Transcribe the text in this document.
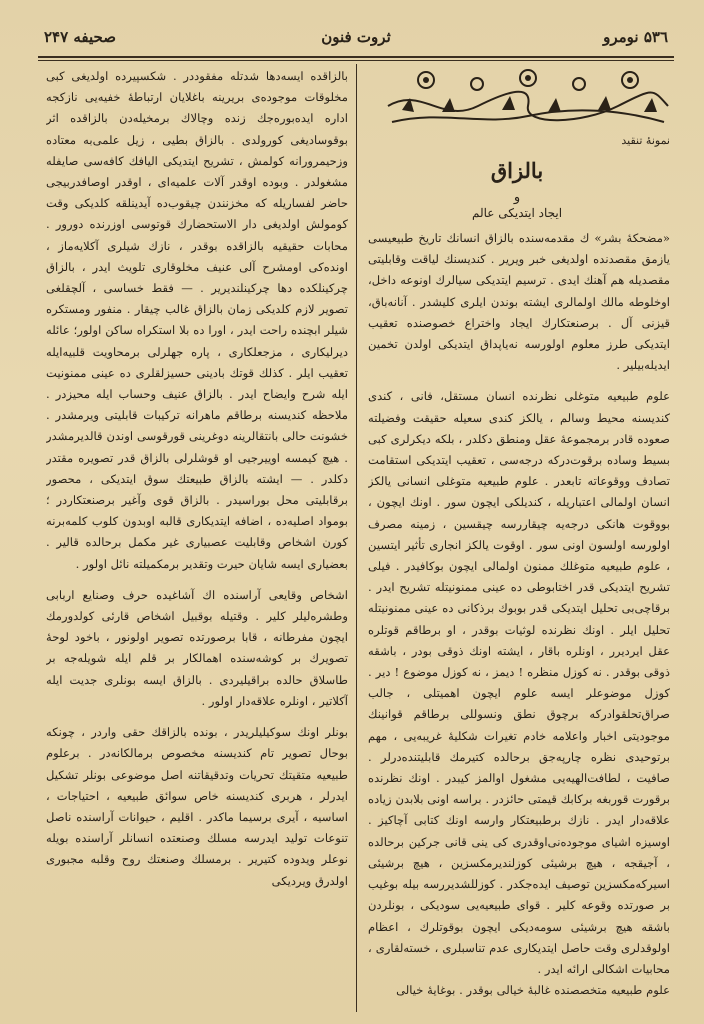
۵۳٦ نومرو
ثروت فنون
صحیفه ۲۴۷
نمونهٔ تنقید
بالزاق
و
ایجاد ایتدیکی عالم

«مضحکهٔ بشر» ك مقدمه‌سنده بالزاق انسانك تاریخ طبیعیسی یازمق مقصدنده اولدیغی خبر ویریر . کندیسنك لیاقت وقابلیتی مقصدیله هم آهنك ایدی . ترسیم ایتدیکی سیالرك اونوعه داخل، اوخلوطه مالك اولمالری ایشته بوندن ایلری کلیشدر . آنانه‌باق، قیزنی آل . برصنعتکارك ایجاد واختراع خصوصنده تعقیب ایتدیکی طرز معلوم اولورسه نه‌یاپداق ایتدیکی اولدن تخمین ایدیله‌بیلیر .

علوم طبیعیه متوغلی نظرنده انسان مستقل، فانی ، کندی کندیسنه محیط وسالم ، یالکز کندی سعیله حقیقت وفضیلته صعوده قادر برمجموعهٔ عقل ومنطق دکلدر ، بلکه دیکرلری کبی بسیط وساده برقوت‌درکه درجه‌سی ، تعقیب ایتدیکی استقامت تصادف ووقوعاته تابعدر . علوم طبیعیه متوغلی انسانی یالکز انسان اولمالی اعتباریله ، کندیلکی ایچون سور . اونك ایچون ، بووقوت هانکی درجه‌یه چیقاررسه چیقسین ، زمینه مصرف اولورسه اولسون اونی سور . اوقوت یالکز انجاری تأثیر ایتسین ، علوم طبیعیه متوغلك ممنون اولمالی ایچون بوکافیدر . فیلی تشریح ایتدیکی قدر اختابوطی ده عینی ممنونیتله تشریح ایدر . برقاچی‌بی تحلیل ایتدیکی قدر بوبوك برذکانی ده عینی ممنونیتله تحلیل ایلر . اونك نظرنده لوثیات بوقدر ، او برطاقم قوتلره عقل ایردیرر ، اونلره باقار ، ایشته اونك ذوقی بودر ، باشقه ذوقی بوقدر . نه کوزل منظره ! دیمز ، نه کوزل موضوع ! دیر . کوزل موضوعلر ایسه علوم ایچون اهمیتلی ، جالب صراق‌تحلقوادرکه برچوق نطق ونسوللی برطاقم قوانینك موجودیتی اخبار واعلامه خادم تغیرات شکلیهٔ غریبه‌یی ، مهم برتوحیدی نظره چارپه‌جق برحالده کتیرمك قابلیتنده‌درلر . صافیت ، لطافت‌الهیه‌یی مشغول اوالمز کیبدر . اونك نظرنده برقورت قوربغه برکابك قیمتی حائزدر . براسه اونی بلابدن زیاده علاقه‌دار ایدر . نازك برطبیعتکار وارسه اونك کتابی آچاکیز . اوسیزه اشیای موجوده‌نی‌اوقدری کی ینی قانی جرکین برحالده ، آجیقجه ، هیچ برشیئی کوزلندیرمکسزین ، هیچ برشیئی اسیرکه‌مکسزین توصیف ایده‌جکدر . کوزللشدیررسه بیله بوغیب بر صورتده وقوعه کلیر . قوای طبیعیه‌یی سودیکی ، بونلردن باشقه هیچ برشیئی سومه‌دیکی ایچون بوقوتلرك ، اعظام اولوقدلری وقت حاصل ایتدیکاری عدم تناسبلری ، خسته‌لقاری ، محابیات اشکالی ارائه ایدر .

علوم طبیعیه متخصصنده غالبهٔ خیالی بوقدر . بوغایهٔ خیالی

بالزاقده ایسه‌دها شدتله مفقوددر . شکسپیرده اولدیغی کبی مخلوقات موجوده‌ی بریرینه باغلایان ارتباطهٔ خفیه‌یی نازکجه اداره ایده‌بوره‌جك زنده وچالاك برمخیله‌دن بالزاقده اثر بوقوسادیغی کورولدی . بالزاق بطیی ، زیل علمی‌به معتاده وزحیمرورانه کولمش ، تشریح ایتدیکی الیافك کافه‌سی صایفله مشغولدر . وبوده اوقدر آلات علمیه‌ای ، اوقدر اوصافدربیجی حاضر لفساریله که مخزنندن چیقوب‌ده آیدینلقه کلدیکی وقت کومولش اولدیغی دار الاستحضارك قوتوسی اوزرنده دورور . محابات حقیقیه بالزاقده بوقدر ، نازك شیلری آکلایه‌ماز ، اونده‌کی اومشرح آلی عنیف مخلوقاری تلویث ایدر ، بالزاق چرکینلکده دها چرکینلندیریر . — فقط خساسی ، آلچقلغی تصویر لازم کلدیکی زمان بالزاق غالب چیقار . منفور ومستکره شیلر ابچنده راحت ایدر ، اورا ده بلا استکراه ساکن اولور؛ عائله دیرلیکاری ، مزجعلکاری ، پاره جهلرلی برمحاویت قلبیه‌ایله تعقیب ایلر . کذلك قوتك بادینی حسیزلقلری ده عینی ممنونیت ایله شرح وایضاح ایدر . بالزاق عنیف وحساب ایله محیزدر . ملاحظه کندیسنه برطاقم ماهرانه ترکیبات قابلیتی ویرمشدر . خشونت حالی بانتقالرینه دوغرینی قورقوسی اوندن قالدیرمشدر . هیچ کیمسه اوییرجیی او قوشلرلی بالزاق قدر تصویره مقتدر دکلدر . — ایشته بالزاق طبیعتك سوق ایتدیکی ، محصور برقابلیتی محل بوراسیدر . بالزاق قوی وآغیر برصنعتکاردر ؛ بومواد اصلیه‌ده ، اضافه ایتدیکاری قالبه اوبدون کلوب کلمه‌برنه کورن اشخاص وقابلیت عصبیاری غیر مکمل برحالده قالیر . بعضیاری ایسه شایان حیرت وتقدیر برمکمیلته نائل اولور .

اشخاص وقایعی آراسنده اك آشاغیده حرف وصنایع اربابی وطشره‌لیلر کلیر . وقتیله بوقبیل اشخاص قارئی کولدورمك ایچون مفرطانه ، قابا برصورتده تصویر اولونور ، باخود لوحهٔ تصویرك بر کوشه‌سنده اهمالکار بر قلم ایله شویله‌جه بر طاسلاق حالده براقیلیردی . بالزاق ایسه بونلری جدیت ایله آکلاتیر ، اونلره علاقه‌دار اولور .

بونلر اونك سوکیلیلریدر ، بونده بالزاقك حقی واردر ، چونکه بوحال تصویر تام کندیسنه مخصوص برمالکانه‌در . برعلوم طبیعیه متقیتك تحریات وتدقیقاتنه اصل موضوعی بونلر تشکیل ایدرلر ، هربری کندیسنه خاص سوائق طبیعیه ، احتیاجات ، اساسیه ، آیری برسیما ماکدر . اقلیم ، حیوانات آراسنده ناصل تنوعات تولید ایدرسه مسلك وصنعتده انسانلر آراسنده بویله نوعلر ویدوده کتیریر . برمسلك وصنعتك روح وقلبه مجبوری اولدرق ویردیکی
